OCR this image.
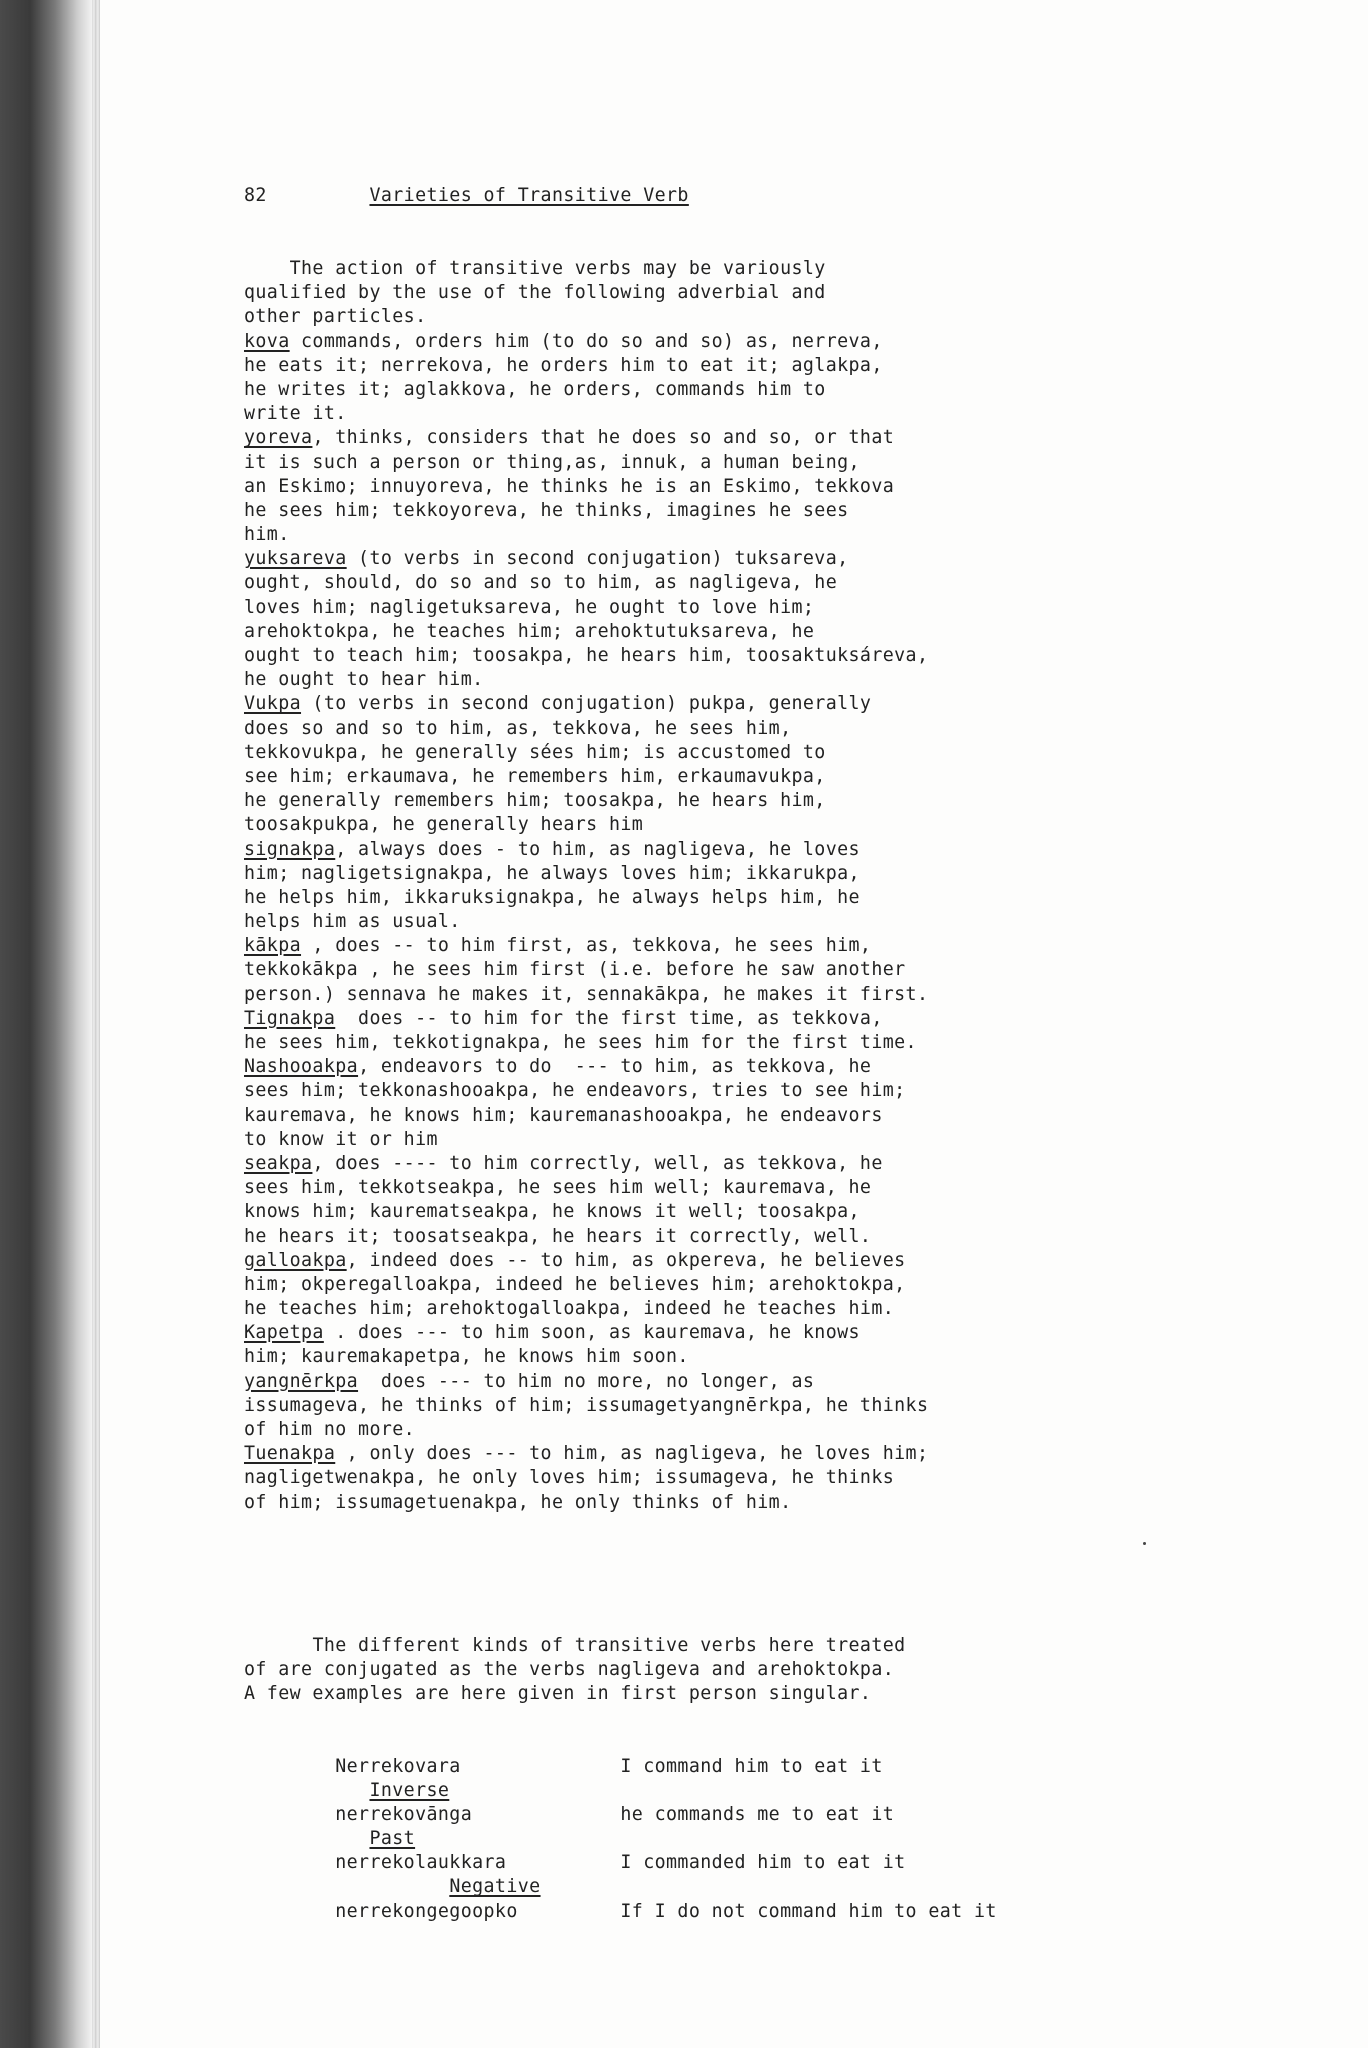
82	Varieties of Transitive Verb

The action of transitive verbs may be variously
qualified by the use of the following adverbial and
other particles.
kova commands, orders him (to do so and so) as, nerreva,
he eats it; nerrekova, he orders him to eat it; aglakpa,
he writes it; aglakkova, he orders, commands him to
write it.
yoreva, thinks, considers that he does so and so, or that
it is such a person or thing,as, innuk, a human being,
an Eskimo; innuyoreva, he thinks he is an Eskimo, tekkova
he sees him; tekkoyoreva, he thinks, imagines he sees
him.
yuksareva (to verbs in second conjugation) tuksareva,
ought, should, do so and so to him, as nagligeva, he
loves him; nagligetuksareva, he ought to love him;
arehoktokpa, he teaches him; arehoktutuksareva, he
ought to teach him; toosakpa, he hears him, toosaktuksáreva,
he ought to hear him.
Vukpa (to verbs in second conjugation) pukpa, generally
does so and so to him, as, tekkova, he sees him,
tekkovukpa, he generally sées him; is accustomed to
see him; erkaumava, he remembers him, erkaumavukpa,
he generally remembers him; toosakpa, he hears him,
toosakpukpa, he generally hears him
signakpa, always does - to him, as nagligeva, he loves
him; nagligetsignakpa, he always loves him; ikkarukpa,
he helps him, ikkaruksignakpa, he always helps him, he
helps him as usual.
kākpa , does -- to him first, as, tekkova, he sees him,
tekkokākpa , he sees him first (i.e. before he saw another
person.) sennava he makes it, sennakākpa, he makes it first.
Tignakpa  does -- to him for the first time, as tekkova,
he sees him, tekkotignakpa, he sees him for the first time.
Nashooakpa, endeavors to do  --- to him, as tekkova, he
sees him; tekkonashooakpa, he endeavors, tries to see him;
kauremava, he knows him; kauremanashooakpa, he endeavors
to know it or him
seakpa, does ---- to him correctly, well, as tekkova, he
sees him, tekkotseakpa, he sees him well; kauremava, he
knows him; kaurematseakpa, he knows it well; toosakpa,
he hears it; toosatseakpa, he hears it correctly, well.
galloakpa, indeed does -- to him, as okpereva, he believes
him; okperegalloakpa, indeed he believes him; arehoktokpa,
he teaches him; arehoktogalloakpa, indeed he teaches him.
Kapetpa . does --- to him soon, as kauremava, he knows
him; kauremakapetpa, he knows him soon.
yangnērkpa  does --- to him no more, no longer, as
issumageva, he thinks of him; issumagetyangnērkpa, he thinks
of him no more.
Tuenakpa , only does --- to him, as nagligeva, he loves him;
nagligetwenakpa, he only loves him; issumageva, he thinks
of him; issumagetuenakpa, he only thinks of him.

The different kinds of transitive verbs here treated
of are conjugated as the verbs nagligeva and arehoktokpa.
A few examples are here given in first person singular.

Nerrekovara	I command him to eat it
Inverse
nerrekovānga	he commands me to eat it
Past
nerrekolaukkara	I commanded him to eat it
Negative
nerrekongegoopko	If I do not command him to eat it
